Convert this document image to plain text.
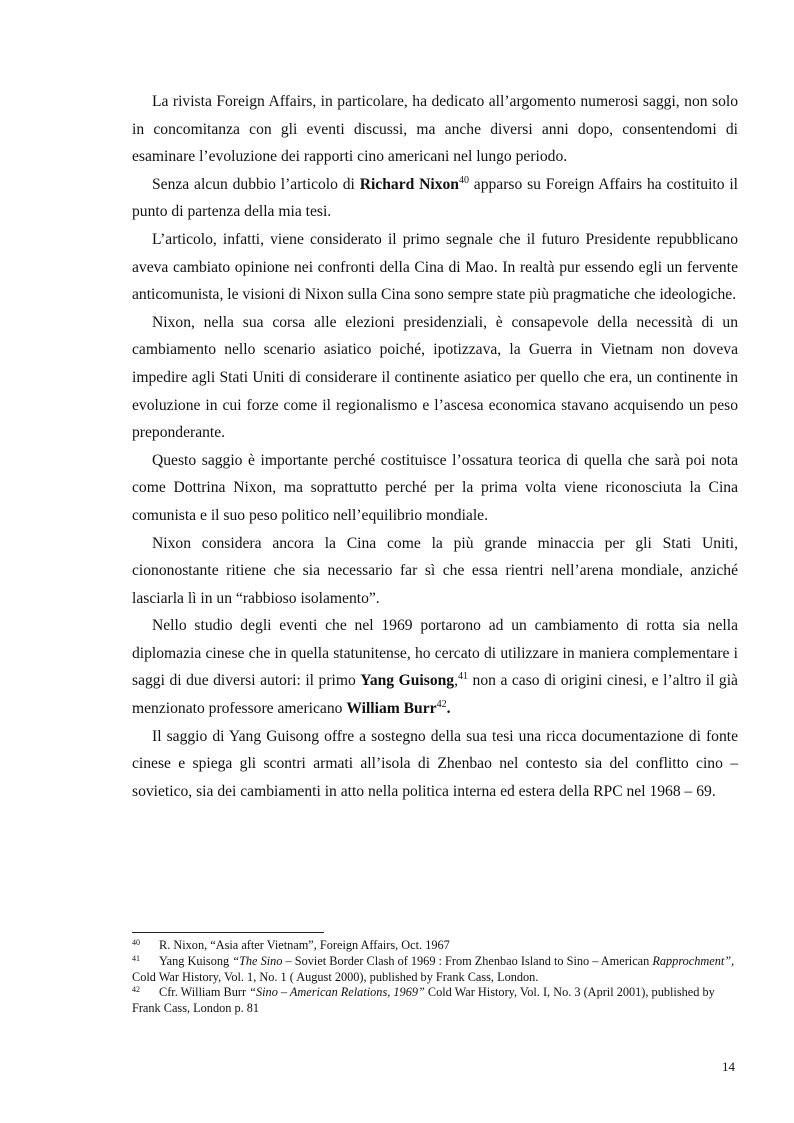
La rivista Foreign Affairs, in particolare, ha dedicato all’argomento numerosi saggi, non solo in concomitanza con gli eventi discussi, ma anche diversi anni dopo, consentendomi di esaminare l’evoluzione dei rapporti cino americani nel lungo periodo.

Senza alcun dubbio l’articolo di Richard Nixon$^{40}$ apparso su Foreign Affairs ha costituito il punto di partenza della mia tesi.

L’articolo, infatti, viene considerato il primo segnale che il futuro Presidente repubblicano aveva cambiato opinione nei confronti della Cina di Mao. In realtà pur essendo egli un fervente anticomunista, le visioni di Nixon sulla Cina sono sempre state più pragmatiche che ideologiche.

Nixon, nella sua corsa alle elezioni presidenziali, è consapevole della necessità di un cambiamento nello scenario asiatico poiché, ipotizzava, la Guerra in Vietnam non doveva impedire agli Stati Uniti di considerare il continente asiatico per quello che era, un continente in evoluzione in cui forze come il regionalismo e l’ascesa economica stavano acquisendo un peso preponderante.

Questo saggio è importante perché costituisce l’ossatura teorica di quella che sarà poi nota come Dottrina Nixon, ma soprattutto perché per la prima volta viene riconosciuta la Cina comunista e il suo peso politico nell’equilibrio mondiale.

Nixon considera ancora la Cina come la più grande minaccia per gli Stati Uniti, ciononostante ritiene che sia necessario far sì che essa rientri nell’arena mondiale, anziché lasciarla lì in un “rabbioso isolamento”.

Nello studio degli eventi che nel 1969 portarono ad un cambiamento di rotta sia nella diplomazia cinese che in quella statunitense, ho cercato di utilizzare in maniera complementare i saggi di due diversi autori: il primo Yang Guisong,$^{41}$ non a caso di origini cinesi, e l’altro il già menzionato professore americano William Burr$^{42}$.

Il saggio di Yang Guisong offre a sostegno della sua tesi una ricca documentazione di fonte cinese e spiega gli scontri armati all’isola di Zhenbao nel contesto sia del conflitto cino – sovietico, sia dei cambiamenti in atto nella politica interna ed estera della RPC nel 1968 – 69.

40 R. Nixon, “Asia after Vietnam”, Foreign Affairs, Oct. 1967

41 Yang Kuisong “The Sino – Soviet Border Clash of 1969 : From Zhenbao Island to Sino – American Rapprochment”, Cold War History, Vol. 1, No. 1 ( August 2000), published by Frank Cass, London.

42 Cfr. William Burr “Sino – American Relations, 1969” Cold War History, Vol. I, No. 3 (April 2001), published by Frank Cass, London p. 81

14
